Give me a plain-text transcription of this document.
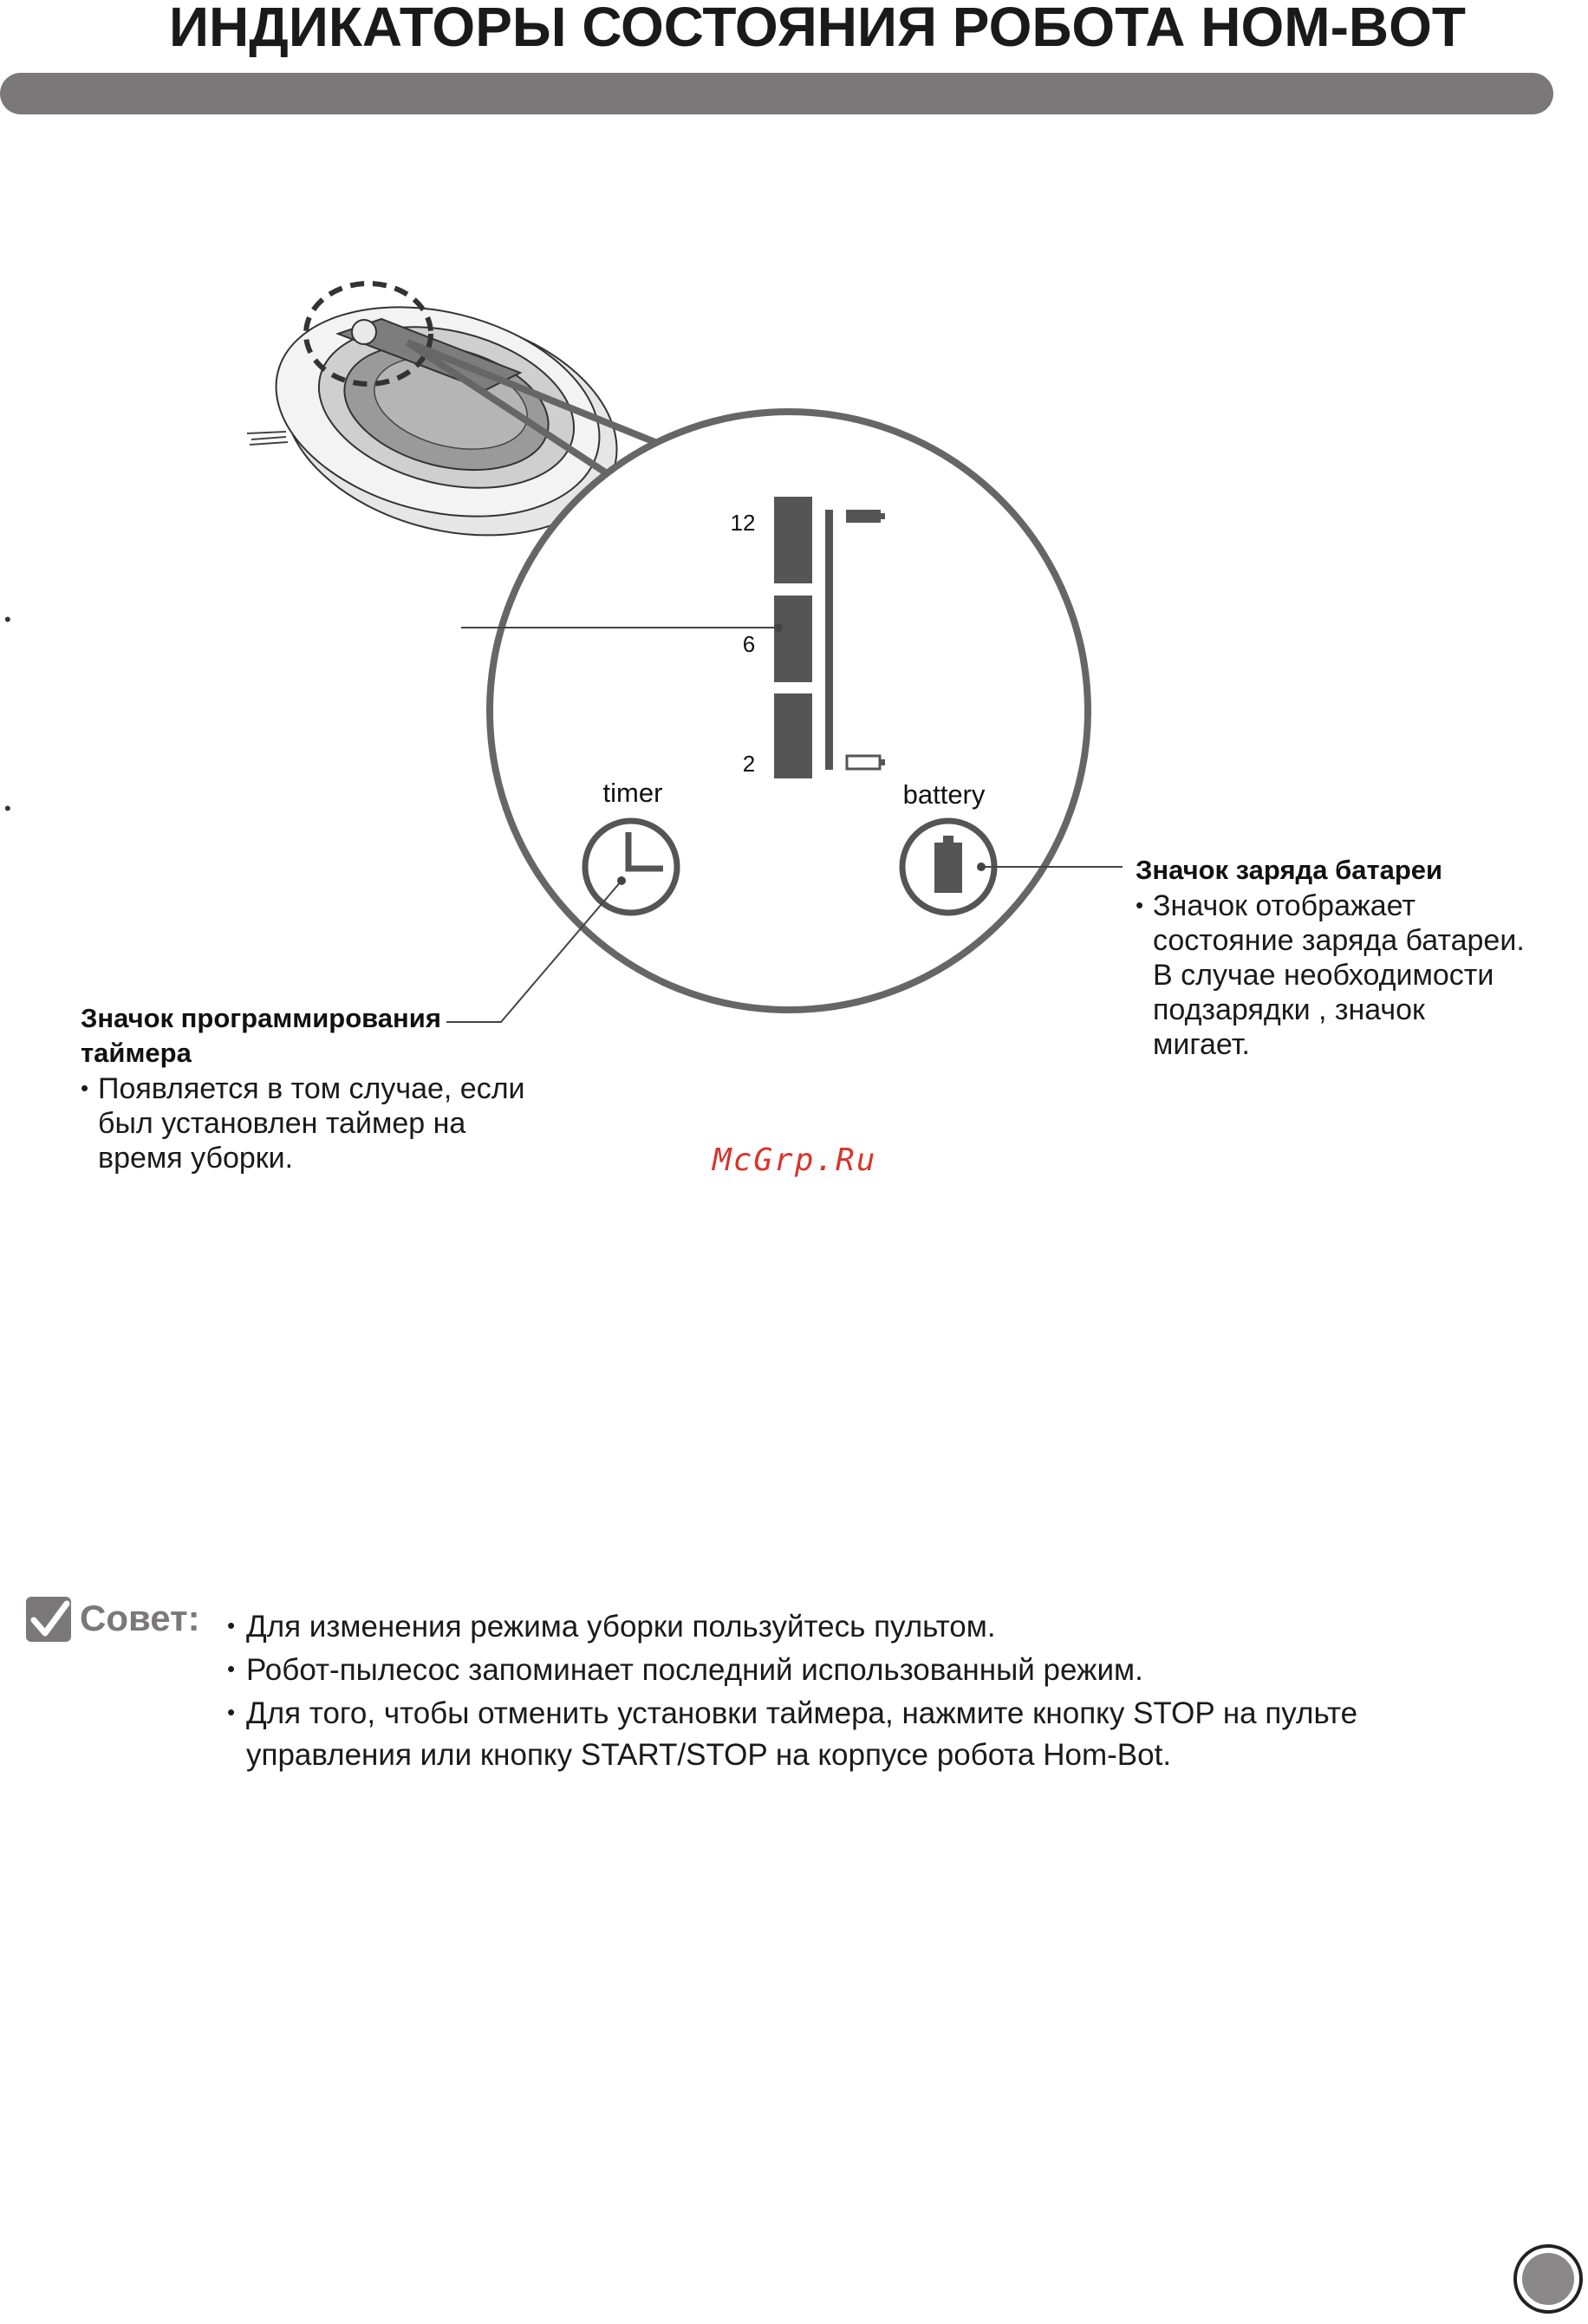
ИНДИКАТОРЫ СОСТОЯНИЯ РОБОТА HOM-BOT
12
6
2
timer	battery
•
•
Значок программирования
таймера
• Появляется в том случае, если
был установлен таймер на
время уборки.
Значок заряда батареи
• Значок отображает
состояние заряда батареи.
В случае необходимости
подзарядки , значок
мигает.
McGrp.Ru
Совет: • Для изменения режима уборки пользуйтесь пультом.
• Робот-пылесос запоминает последний использованный режим.
• Для того, чтобы отменить установки таймера, нажмите кнопку STOP на пульте
управления или кнопку START/STOP на корпусе робота Hom-Bot.
